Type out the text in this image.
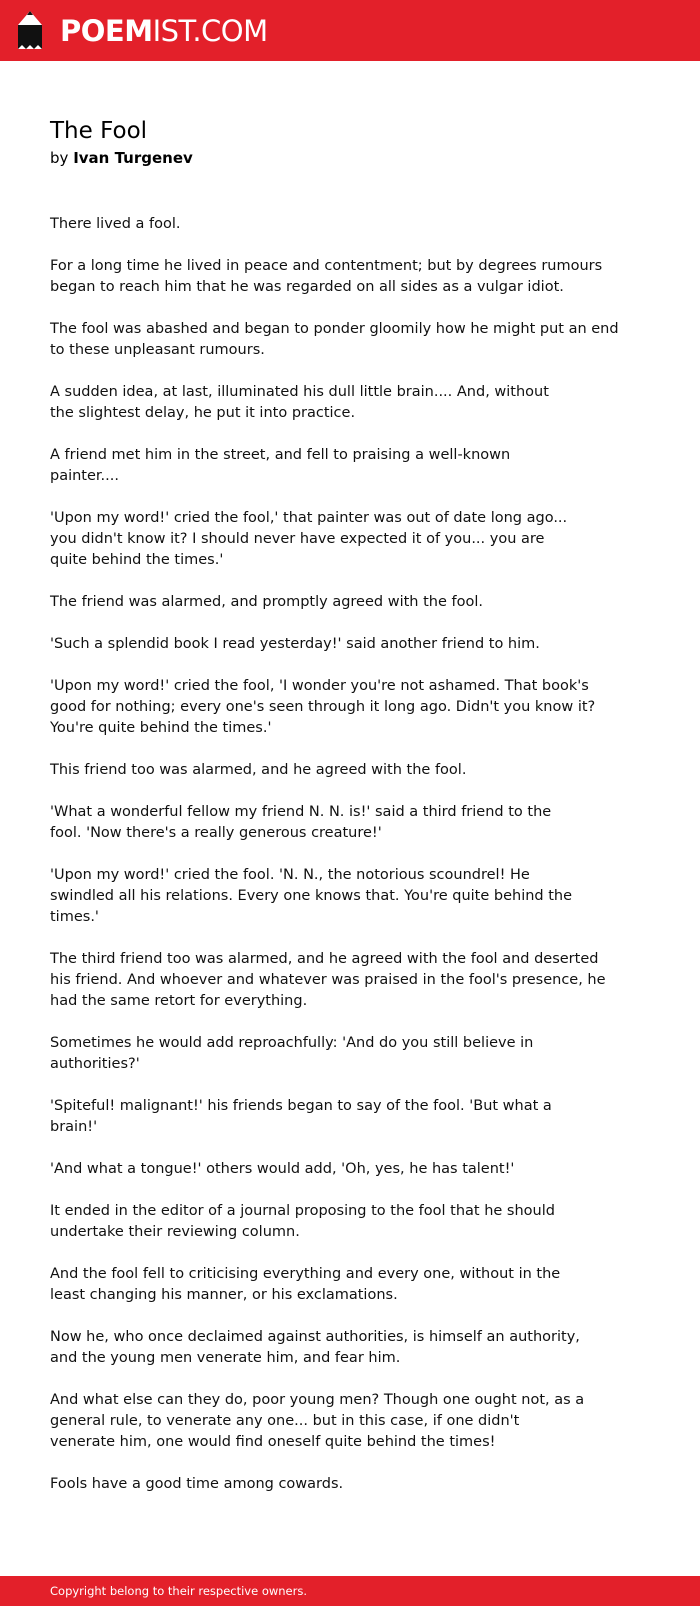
POEMIST.COM
The Fool

by Ivan Turgenev

There lived a fool.

For a long time he lived in peace and contentment; but by degrees rumours
began to reach him that he was regarded on all sides as a vulgar idiot.

The fool was abashed and began to ponder gloomily how he might put an end
to these unpleasant rumours.

A sudden idea, at last, illuminated his dull little brain.... And, without
the slightest delay, he put it into practice.

A friend met him in the street, and fell to praising a well-known
painter....

'Upon my word!' cried the fool,' that painter was out of date long ago...
you didn't know it? I should never have expected it of you... you are
quite behind the times.'

The friend was alarmed, and promptly agreed with the fool.

'Such a splendid book I read yesterday!' said another friend to him.

'Upon my word!' cried the fool, 'I wonder you're not ashamed. That book's
good for nothing; every one's seen through it long ago. Didn't you know it?
You're quite behind the times.'

This friend too was alarmed, and he agreed with the fool.

'What a wonderful fellow my friend N. N. is!' said a third friend to the
fool. 'Now there's a really generous creature!'

'Upon my word!' cried the fool. 'N. N., the notorious scoundrel! He
swindled all his relations. Every one knows that. You're quite behind the
times.'

The third friend too was alarmed, and he agreed with the fool and deserted
his friend. And whoever and whatever was praised in the fool's presence, he
had the same retort for everything.

Sometimes he would add reproachfully: 'And do you still believe in
authorities?'

'Spiteful! malignant!' his friends began to say of the fool. 'But what a
brain!'

'And what a tongue!' others would add, 'Oh, yes, he has talent!'

It ended in the editor of a journal proposing to the fool that he should
undertake their reviewing column.

And the fool fell to criticising everything and every one, without in the
least changing his manner, or his exclamations.

Now he, who once declaimed against authorities, is himself an authority,
and the young men venerate him, and fear him.

And what else can they do, poor young men? Though one ought not, as a
general rule, to venerate any one... but in this case, if one didn't
venerate him, one would find oneself quite behind the times!

Fools have a good time among cowards.

Copyright belong to their respective owners.
